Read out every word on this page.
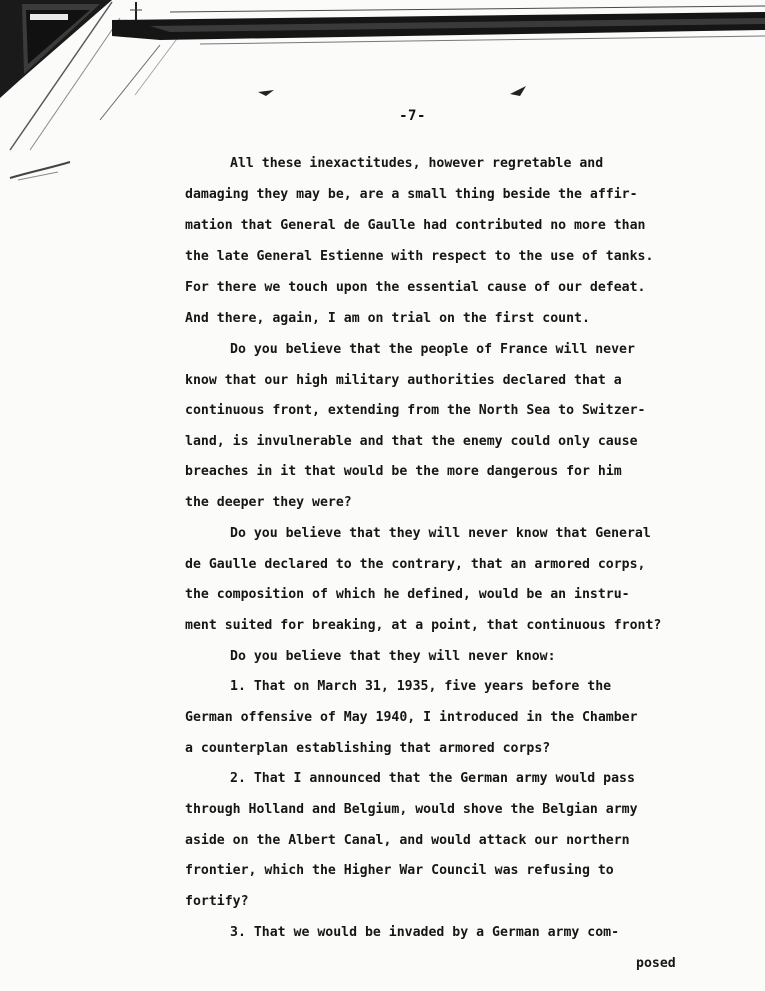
-7-
All these inexactitudes, however regretable and
damaging they may be, are a small thing beside the affir-
mation that General de Gaulle had contributed no more than
the late General Estienne with respect to the use of tanks.
For there we touch upon the essential cause of our defeat.
And there, again, I am on trial on the first count.
Do you believe that the people of France will never
know that our high military authorities declared that a
continuous front, extending from the North Sea to Switzer-
land, is invulnerable and that the enemy could only cause
breaches in it that would be the more dangerous for him
the deeper they were?
Do you believe that they will never know that General
de Gaulle declared to the contrary, that an armored corps,
the composition of which he defined, would be an instru-
ment suited for breaking, at a point, that continuous front?
Do you believe that they will never know:
1. That on March 31, 1935, five years before the
German offensive of May 1940, I introduced in the Chamber
a counterplan establishing that armored corps?
2. That I announced that the German army would pass
through Holland and Belgium, would shove the Belgian army
aside on the Albert Canal, and would attack our northern
frontier, which the Higher War Council was refusing to
fortify?
3. That we would be invaded by a German army com-
posed
